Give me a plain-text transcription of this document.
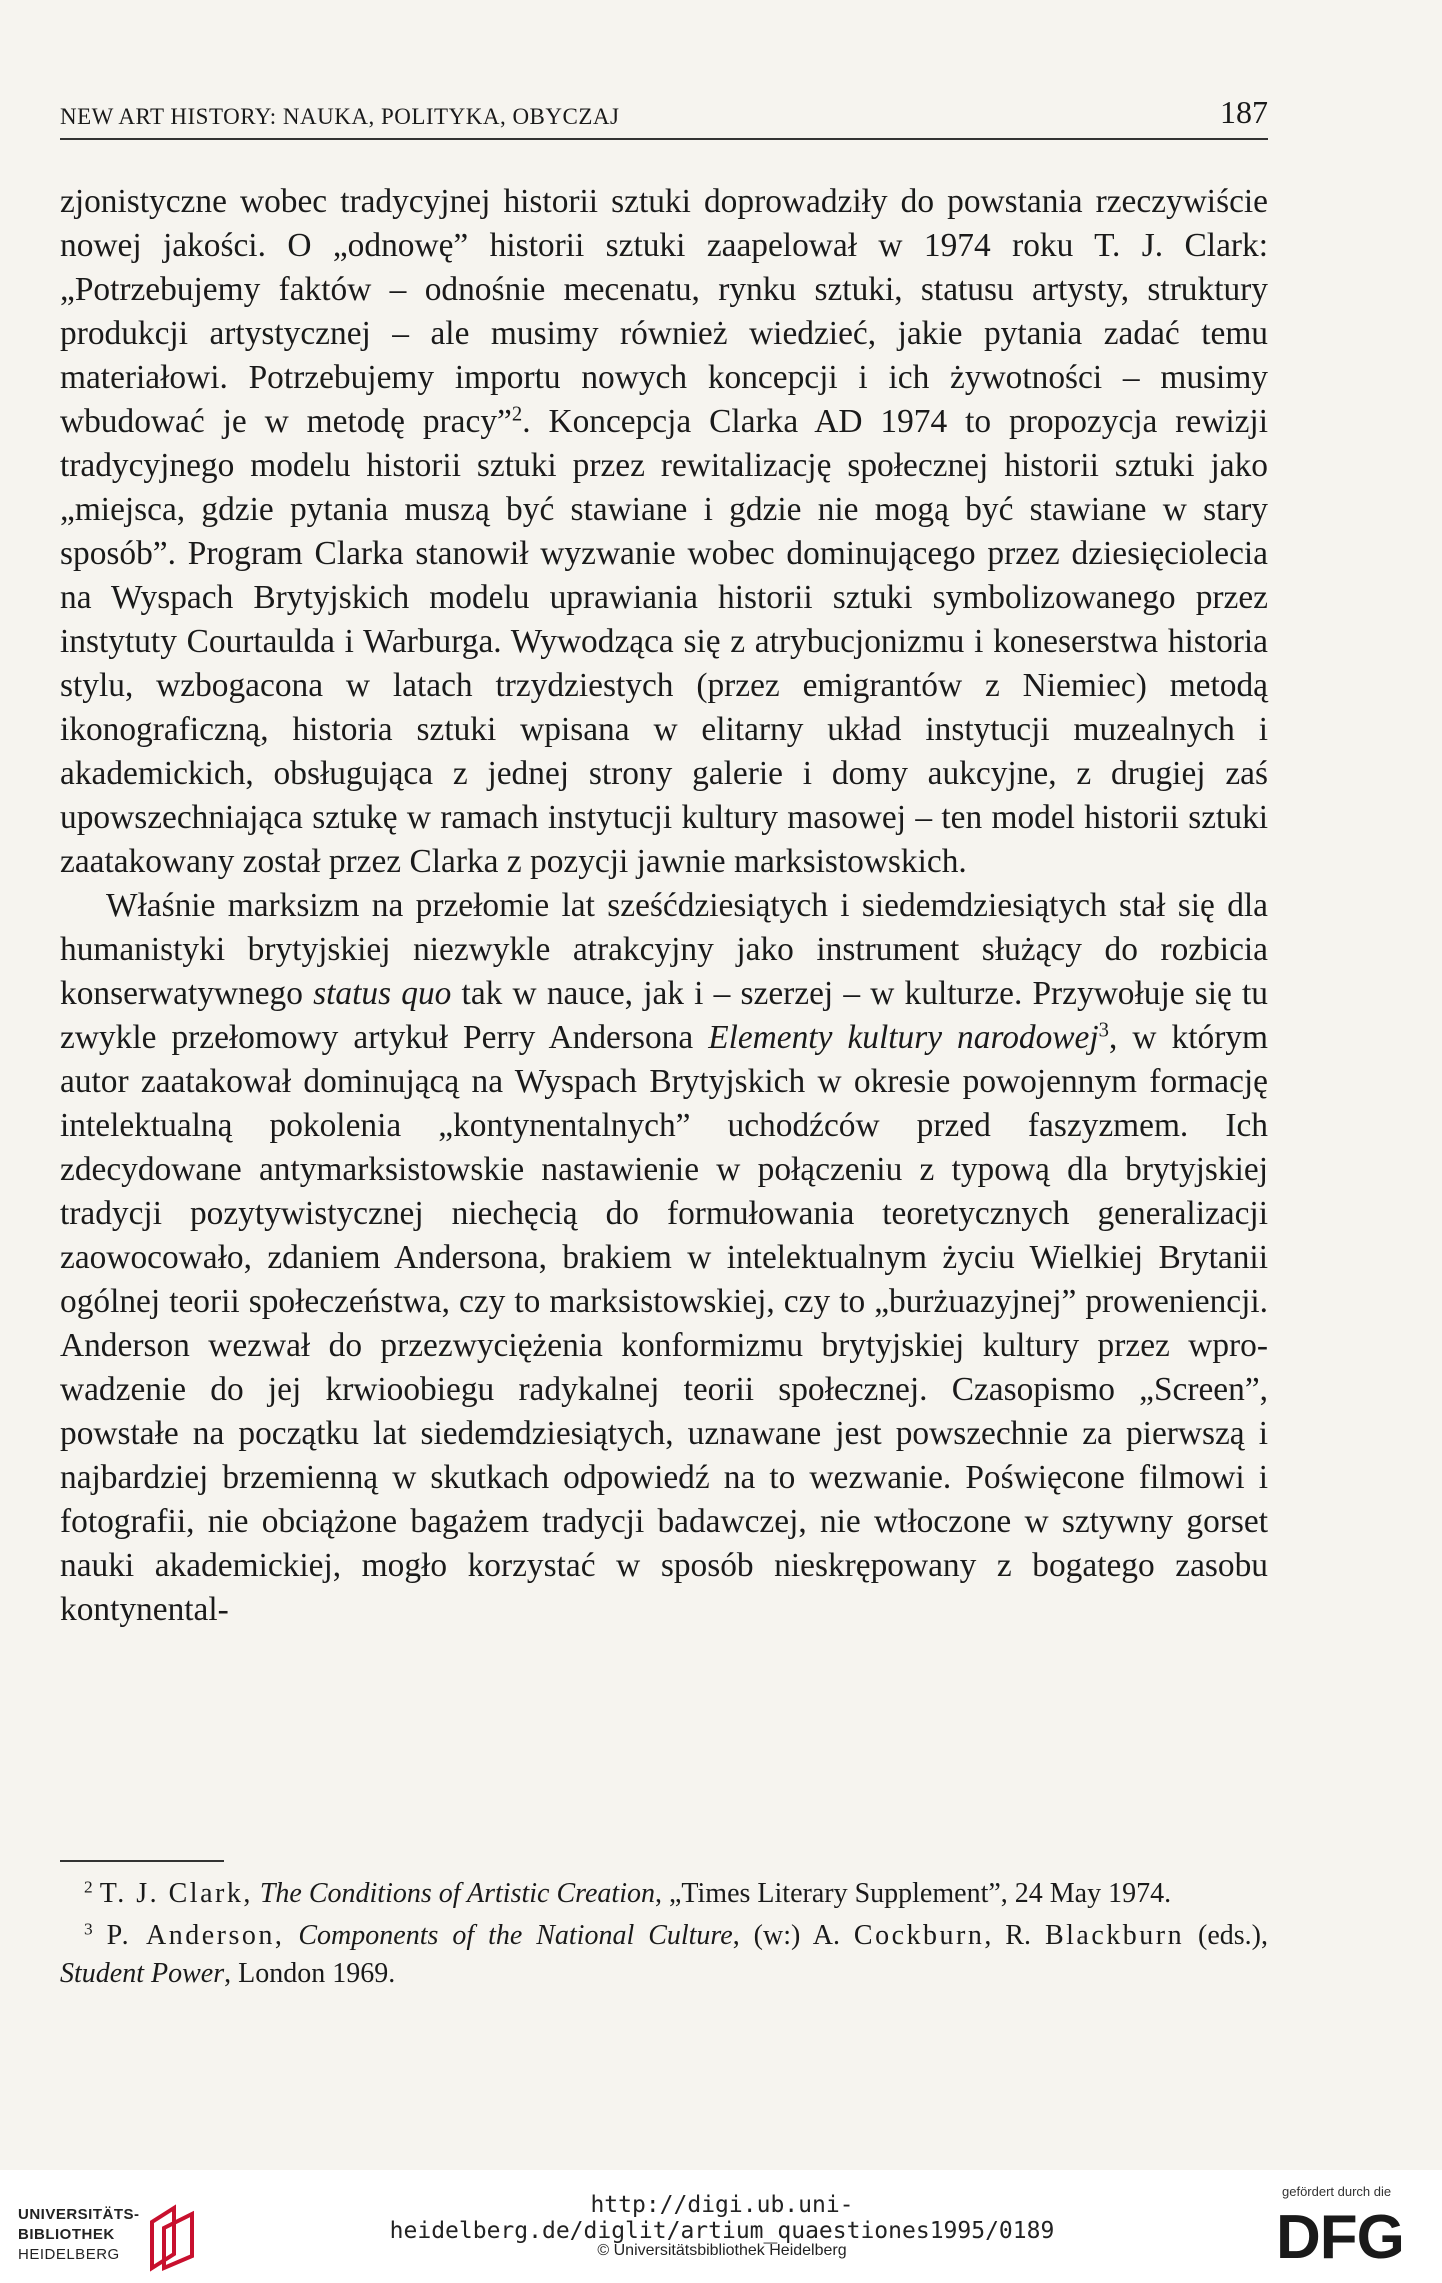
NEW ART HISTORY: NAUKA, POLITYKA, OBYCZAJ	187

zjonistyczne wobec tradycyjnej historii sztuki doprowadziły do powstania rzeczywiście nowej jakości. O „odnowę” historii sztuki zaapelował w 1974 roku T. J. Clark: „Potrzebujemy faktów – odnośnie mecenatu, rynku sztuki, statusu artysty, struktury produkcji artystycznej – ale musimy również wiedzieć, jakie pytania zadać temu materiałowi. Potrzebujemy importu nowych koncepcji i ich żywotności – musimy wbudować je w metodę pracy”$^2$. Koncepcja Clarka AD 1974 to propozycja rewizji tradycyjnego modelu historii sztuki przez rewitalizację społecznej historii sztuki jako „miejsca, gdzie pytania muszą być stawiane i gdzie nie mogą być stawiane w stary sposób”. Program Clarka stanowił wyzwanie wobec dominującego przez dziesięciolecia na Wyspach Brytyjskich modelu uprawiania historii sztuki symbolizowanego przez instytuty Courtaulda i Warburga. Wywodząca się z atrybucjonizmu i koneserstwa historia stylu, wzbogacona w latach trzydziestych (przez emigrantów z Niemiec) metodą ikonograficzną, historia sztuki wpisana w elitarny układ instytucji muzealnych i akademickich, obsługująca z jednej strony galerie i domy aukcyjne, z drugiej zaś upowszechniająca sztukę w ramach instytucji kultury masowej – ten model historii sztuki zaatakowany został przez Clarka z pozycji jawnie marksistowskich.

Właśnie marksizm na przełomie lat sześćdziesiątych i siedemdziesiątych stał się dla humanistyki brytyjskiej niezwykle atrakcyjny jako instrument służący do rozbicia konserwatywnego status quo tak w nauce, jak i – szerzej – w kulturze. Przywołuje się tu zwykle przełomowy artykuł Perry Andersona Elementy kultury narodowej$^3$, w którym autor zaatakował dominującą na Wyspach Brytyjskich w okresie powojennym formację intelektualną pokolenia „kontynentalnych” uchodźców przed faszyzmem. Ich zdecydowane antymarksistowskie nastawienie w połączeniu z typową dla brytyjskiej tradycji pozytywistycznej niechęcią do formułowania teoretycznych generalizacji zaowocowało, zdaniem Andersona, brakiem w intelektualnym życiu Wielkiej Brytanii ogólnej teorii społeczeństwa, czy to marksistowskiej, czy to „burżuazyjnej” proweniencji. Anderson wezwał do przezwyciężenia konformizmu brytyjskiej kultury przez wprowadzenie do jej krwioobiegu radykalnej teorii społecznej. Czasopismo „Screen”, powstałe na początku lat siedemdziesiątych, uznawane jest powszechnie za pierwszą i najbardziej brzemienną w skutkach odpowiedź na to wezwanie. Poświęcone filmowi i fotografii, nie obciążone bagażem tradycji badawczej, nie wtłoczone w sztywny gorset nauki akademickiej, mogło korzystać w sposób nieskrępowany z bogatego zasobu kontynental-

$^2$ T. J. Clark, The Conditions of Artistic Creation, „Times Literary Supplement”, 24 May 1974.

$^3$ P. Anderson, Components of the National Culture, (w:) A. Cockburn, R. Blackburn (eds.), Student Power, London 1969.

UNIVERSITÄTS-
BIBLIOTHEK
HEIDELBERG
http://digi.ub.uni-heidelberg.de/diglit/artium_quaestiones1995/0189
© Universitätsbibliothek Heidelberg
gefördert durch die
DFG
